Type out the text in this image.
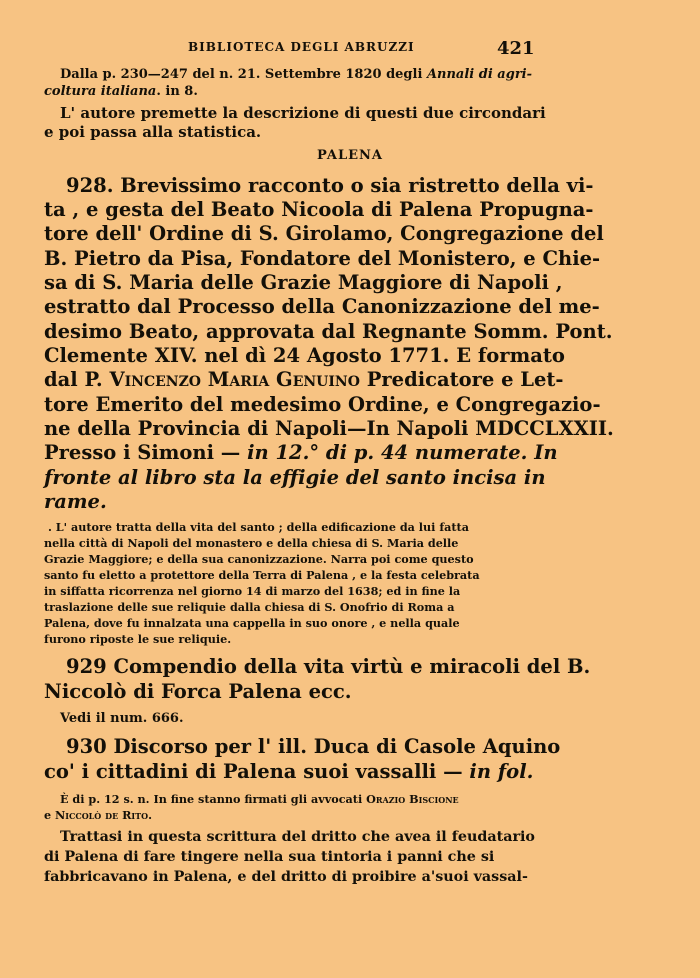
BIBLIOTECA DEGLI ABRUZZI	421
Dalla p. 230—247 del n. 21. Settembre 1820 degli Annali di agri-
coltura italiana. in 8.
L' autore premette la descrizione di questi due circondari
e poi passa alla statistica.
PALENA
928. Brevissimo racconto o sia ristretto della vi-
ta , e gesta del Beato Nicoola di Palena Propugna-
tore dell' Ordine di S. Girolamo, Congregazione del
B. Pietro da Pisa, Fondatore del Monistero, e Chie-
sa di S. Maria delle Grazie Maggiore di Napoli ,
estratto dal Processo della Canonizzazione del me-
desimo Beato, approvata dal Regnante Somm. Pont.
Clemente XIV. nel dì 24 Agosto 1771. E formato
dal P. Vincenzo Maria Genuino Predicatore e Let-
tore Emerito del medesimo Ordine, e Congregazio-
ne della Provincia di Napoli—In Napoli MDCCLXXII.
Presso i Simoni — in 12.° di p. 44 numerate. In
fronte al libro sta la effigie del santo incisa in
rame.
. L' autore tratta della vita del santo ; della edificazione da lui fatta
nella città di Napoli del monastero e della chiesa di S. Maria delle
Grazie Maggiore; e della sua canonizzazione. Narra poi come questo
santo fu eletto a protettore della Terra di Palena , e la festa celebrata
in siffatta ricorrenza nel giorno 14 di marzo del 1638; ed in fine la
traslazione delle sue reliquie dalla chiesa di S. Onofrio di Roma a
Palena, dove fu innalzata una cappella in suo onore , e nella quale
furono riposte le sue reliquie.
929 Compendio della vita virtù e miracoli del B.
Niccolò di Forca Palena ecc.
Vedi il num. 666.
930 Discorso per l' ill. Duca di Casole Aquino
co' i cittadini di Palena suoi vassalli — in fol.
È di p. 12 s. n. In fine stanno firmati gli avvocati Orazio Biscione
e Niccolò de Rito.
Trattasi in questa scrittura del dritto che avea il feudatario
di Palena di fare tingere nella sua tintoria i panni che si
fabbricavano in Palena, e del dritto di proibire a'suoi vassal-
